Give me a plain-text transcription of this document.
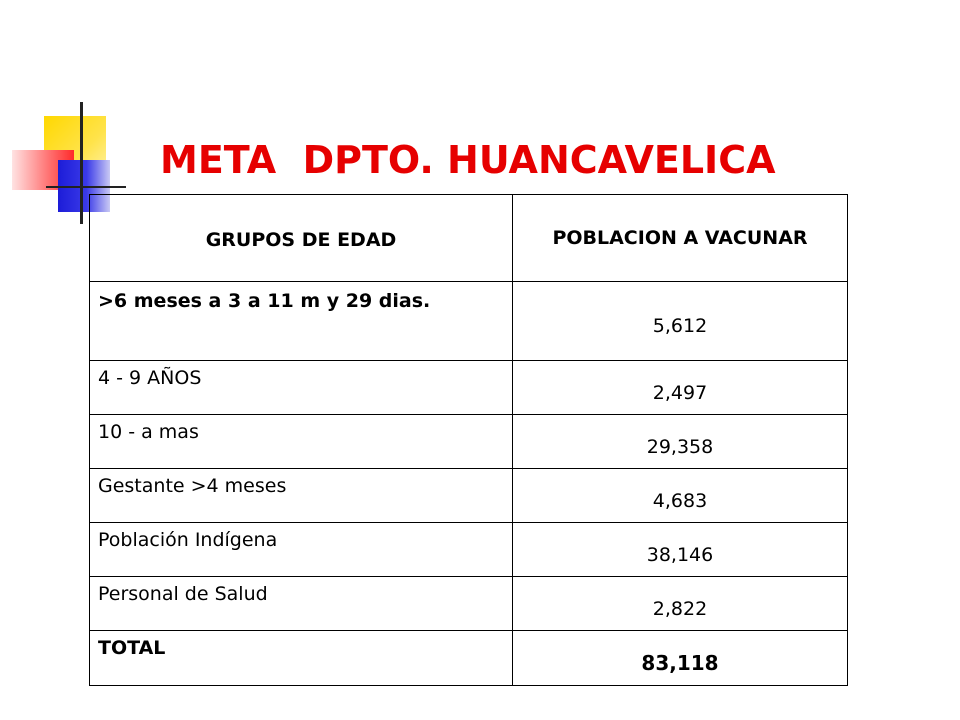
META  DPTO. HUANCAVELICA
GRUPOS DE EDAD	POBLACION A VACUNAR
>6 meses a 3 a 11 m y 29 dias.	5,612
4 - 9 AÑOS	2,497
10 - a mas	29,358
Gestante >4 meses	4,683
Población Indígena	38,146
Personal de Salud	2,822
TOTAL	83,118
